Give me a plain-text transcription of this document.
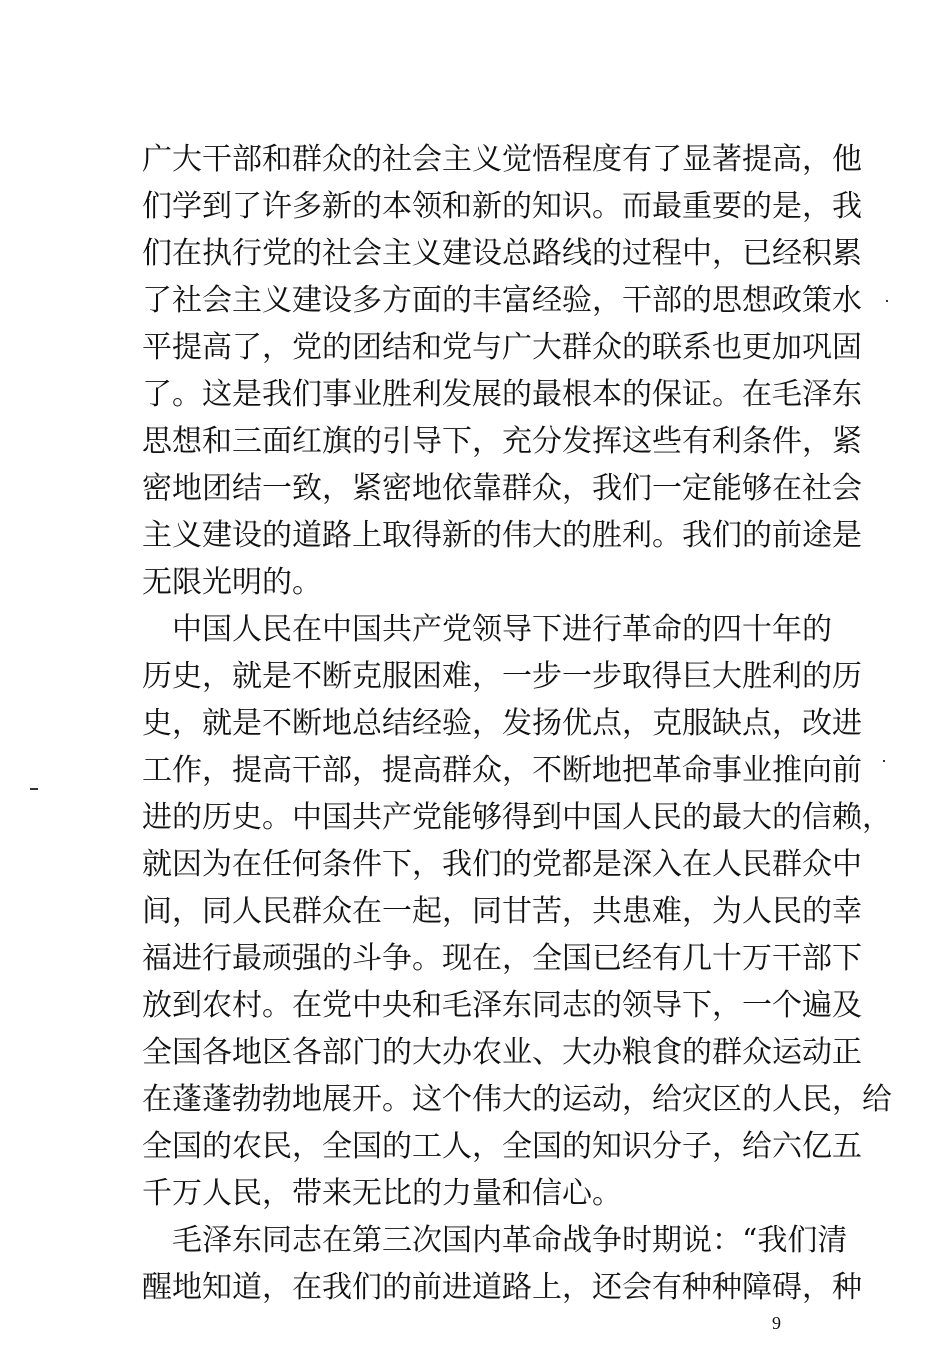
广大干部和群众的社会主义觉悟程度有了显著提高，他
们学到了许多新的本领和新的知识。而最重要的是，我
们在执行党的社会主义建设总路线的过程中，已经积累
了社会主义建设多方面的丰富经验，干部的思想政策水
平提高了，党的团结和党与广大群众的联系也更加巩固
了。这是我们事业胜利发展的最根本的保证。在毛泽东
思想和三面红旗的引导下，充分发挥这些有利条件，紧
密地团结一致，紧密地依靠群众，我们一定能够在社会
主义建设的道路上取得新的伟大的胜利。我们的前途是
无限光明的。
　中国人民在中国共产党领导下进行革命的四十年的
历史，就是不断克服困难，一步一步取得巨大胜利的历
史，就是不断地总结经验，发扬优点，克服缺点，改进
工作，提高干部，提高群众，不断地把革命事业推向前
进的历史。中国共产党能够得到中国人民的最大的信赖，
就因为在任何条件下，我们的党都是深入在人民群众中
间，同人民群众在一起，同甘苦，共患难，为人民的幸
福进行最顽强的斗争。现在，全国已经有几十万干部下
放到农村。在党中央和毛泽东同志的领导下，一个遍及
全国各地区各部门的大办农业、大办粮食的群众运动正
在蓬蓬勃勃地展开。这个伟大的运动，给灾区的人民，给
全国的农民，全国的工人，全国的知识分子，给六亿五
千万人民，带来无比的力量和信心。
　毛泽东同志在第三次国内革命战争时期说：“我们清
醒地知道，在我们的前进道路上，还会有种种障碍，种
9
